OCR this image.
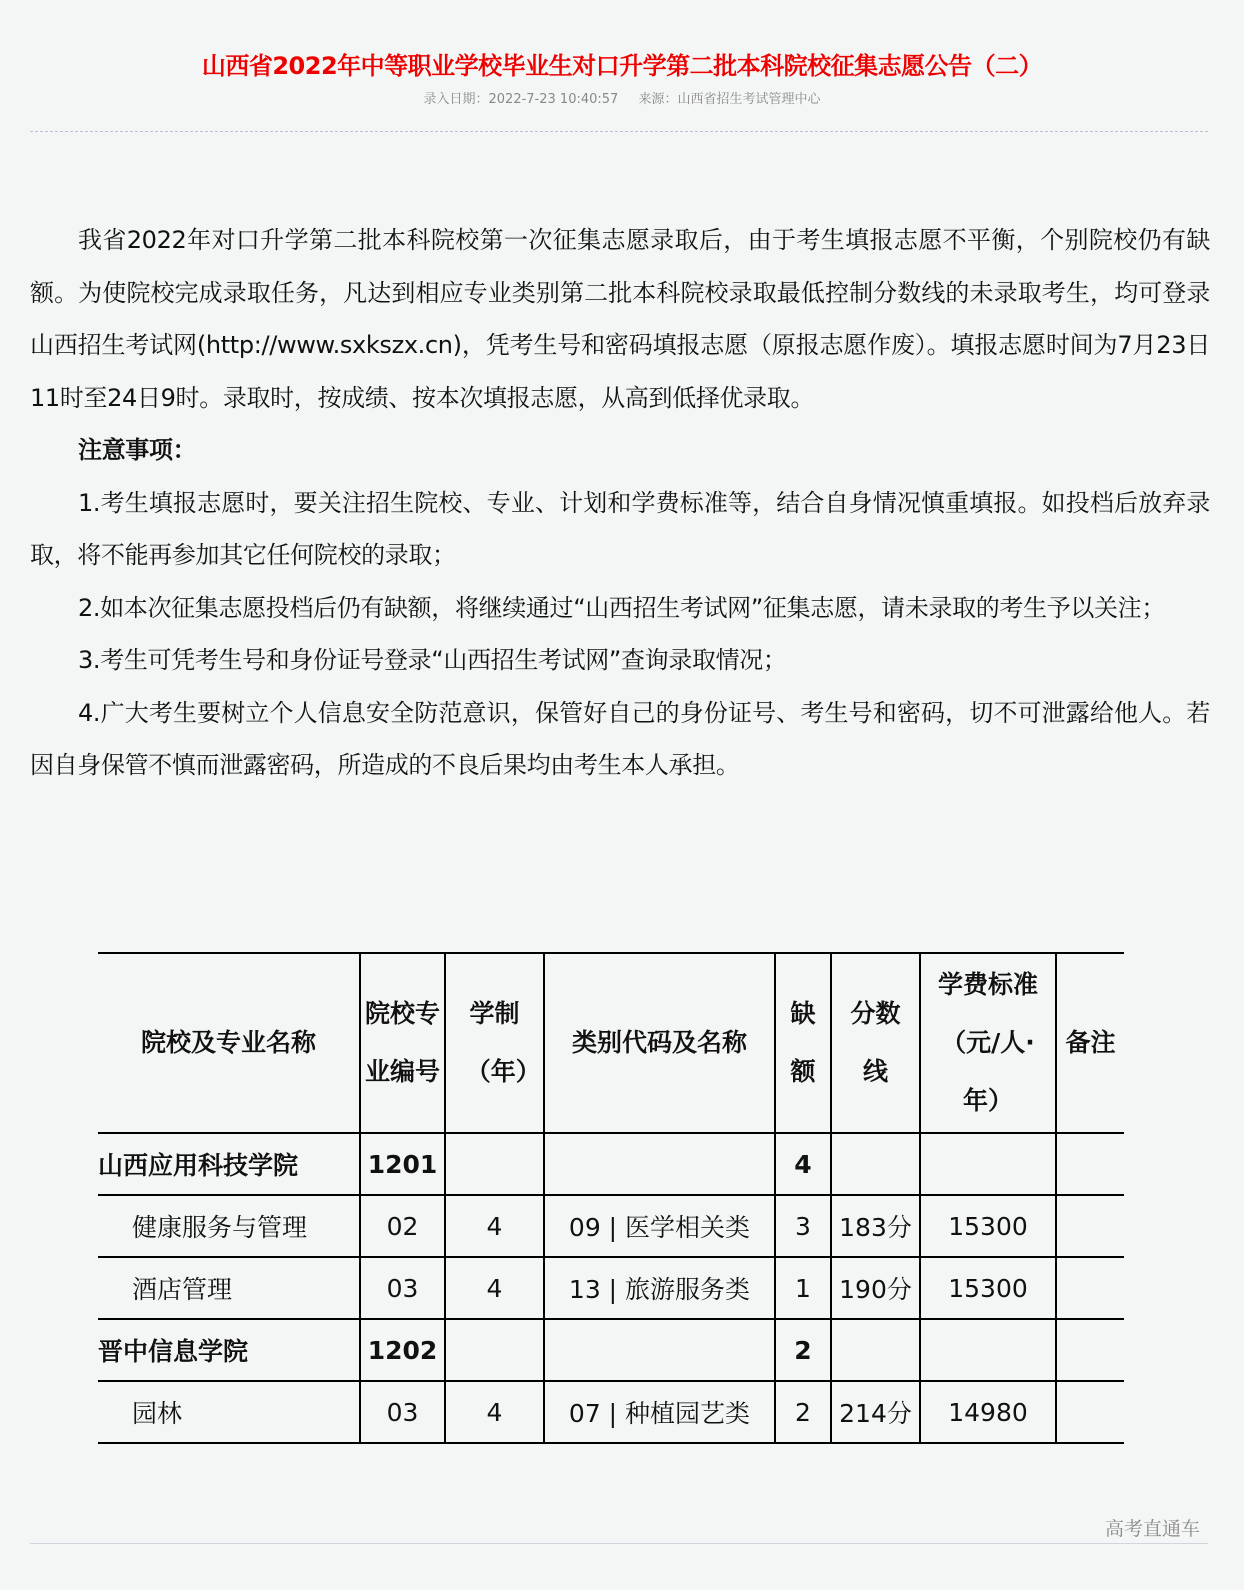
山西省2022年中等职业学校毕业生对口升学第二批本科院校征集志愿公告（二）
录入日期：2022-7-23 10:40:57 来源：山西省招生考试管理中心

我省2022年对口升学第二批本科院校第一次征集志愿录取后，由于考生填报志愿不平衡，个别院校仍有缺额。为使院校完成录取任务，凡达到相应专业类别第二批本科院校录取最低控制分数线的未录取考生，均可登录山西招生考试网(http://www.sxkszx.cn)，凭考生号和密码填报志愿（原报志愿作废）。填报志愿时间为7月23日11时至24日9时。录取时，按成绩、按本次填报志愿，从高到低择优录取。

注意事项：

1.考生填报志愿时，要关注招生院校、专业、计划和学费标准等，结合自身情况慎重填报。如投档后放弃录取，将不能再参加其它任何院校的录取；

2.如本次征集志愿投档后仍有缺额，将继续通过“山西招生考试网”征集志愿，请未录取的考生予以关注；

3.考生可凭考生号和身份证号登录“山西招生考试网”查询录取情况；

4.广大考生要树立个人信息安全防范意识，保管好自己的身份证号、考生号和密码，切不可泄露给他人。若因自身保管不慎而泄露密码，所造成的不良后果均由考生本人承担。

院校及专业名称	院校专业编号	学制（年）	类别代码及名称	缺额	分数线	学费标准（元/人·年）	备注
山西应用科技学院	1201			4			
健康服务与管理	02	4	09 | 医学相关类	3	183分	15300	
酒店管理	03	4	13 | 旅游服务类	1	190分	15300	
晋中信息学院	1202			2			
园林	03	4	07 | 种植园艺类	2	214分	14980	
高考直通车
